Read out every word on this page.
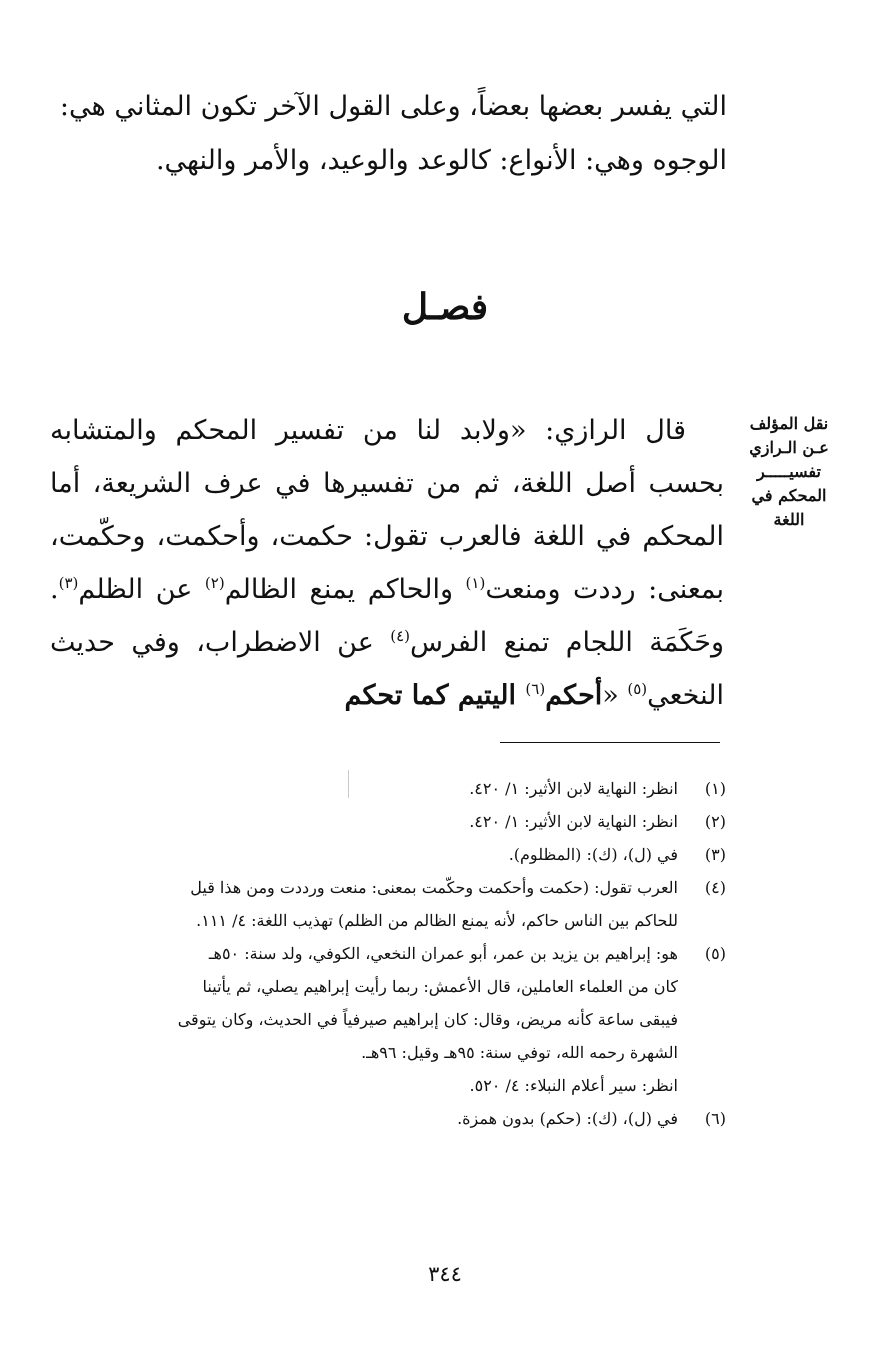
التي يفسر بعضها بعضاً، وعلى القول الآخر تكون المثاني هي:

الوجوه وهي: الأنواع: كالوعد والوعيد، والأمر والنهي.

فصـل
نقل المؤلف
عـن الـرازي
تفسيـــــر
المحكم في
اللغة

قال الرازي: «ولابد لنا من تفسير المحكم والمتشابه بحسب أصل اللغة، ثم من تفسيرها في عرف الشريعة، أما المحكم في اللغة فالعرب تقول: حكمت، وأحكمت، وحكّمت، بمعنى: رددت ومنعت$^{(١)}$ والحاكم يمنع الظالم$^{(٢)}$ عن الظلم$^{(٣)}$. وحَكَمَة اللجام تمنع الفرس$^{(٤)}$ عن الاضطراب، وفي حديث النخعي$^{(٥)}$ «أحكم$^{(٦)}$ اليتيم كما تحكم

(١)
انظر: النهاية لابن الأثير: ١/ ٤٢٠.
(٢)
انظر: النهاية لابن الأثير: ١/ ٤٢٠.
(٣)
في (ل)، (ك): (المظلوم).
(٤)
العرب تقول: (حكمت وأحكمت وحكّمت بمعنى: منعت ورددت ومن هذا قيل
للحاكم بين الناس حاكم، لأنه يمنع الظالم من الظلم) تهذيب اللغة: ٤/ ١١١.
(٥)
هو: إبراهيم بن يزيد بن عمر، أبو عمران النخعي، الكوفي، ولد سنة: ٥٠هـ
كان من العلماء العاملين، قال الأعمش: ربما رأيت إبراهيم يصلي، ثم يأتينا
فيبقى ساعة كأنه مريض، وقال: كان إبراهيم صيرفياً في الحديث، وكان يتوقى
الشهرة رحمه الله، توفي سنة: ٩٥هـ وقيل: ٩٦هـ.
انظر: سير أعلام النبلاء: ٤/ ٥٢٠.
(٦)
في (ل)، (ك): (حكم) بدون همزة.
٣٤٤
